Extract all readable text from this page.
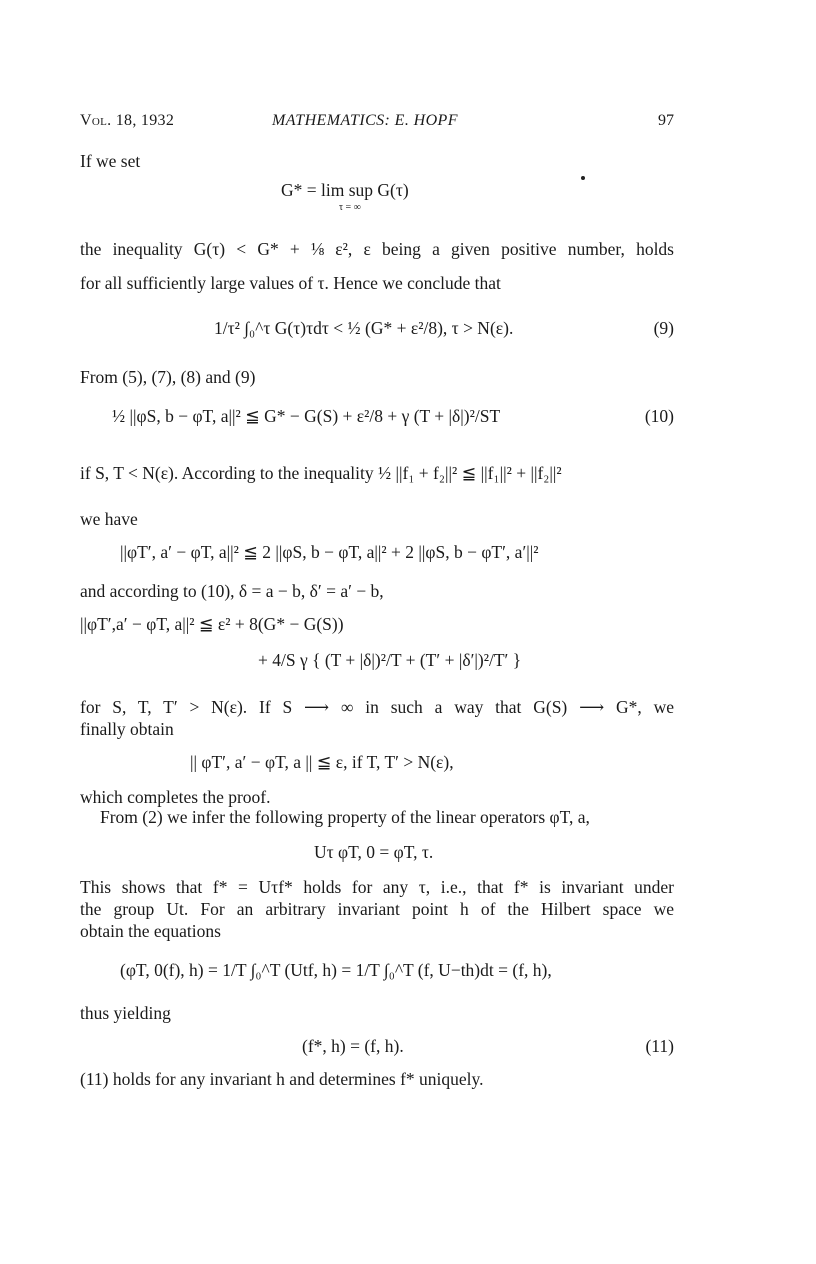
Vol. 18, 1932	MATHEMATICS: E. HOPF	97
If we set
G* = lim sup G(τ)
τ = ∞
the inequality G(τ) < G* + ⅛ ε², ε being a given positive number, holds
for all sufficiently large values of τ. Hence we conclude that
1/τ² ∫₀^τ G(τ)τdτ < ½ (G* + ε²/8), τ > N(ε).	(9)
From (5), (7), (8) and (9)
½ ||φS, b − φT, a||² ≦ G* − G(S) + ε²/8 + γ (T + |δ|)²/ST	(10)
if S, T < N(ε). According to the inequality ½ ||f₁ + f₂||² ≦ ||f₁||² + ||f₂||²
we have
||φT′, a′ − φT, a||² ≦ 2 ||φS, b − φT, a||² + 2 ||φS, b − φT′, a′||²
and according to (10), δ = a − b, δ′ = a′ − b,
||φT′,a′ − φT, a||² ≦ ε² + 8(G* − G(S))
+ 4/S γ { (T + |δ|)²/T + (T′ + |δ′|)²/T′ }
for S, T, T′ > N(ε). If S ⟶ ∞ in such a way that G(S) ⟶ G*, we
finally obtain
|| φT′, a′ − φT, a || ≦ ε, if T, T′ > N(ε),
which completes the proof.
From (2) we infer the following property of the linear operators φT, a,
Uτ φT, 0 = φT, τ.
This shows that f* = Uτf* holds for any τ, i.e., that f* is invariant under
the group Ut. For an arbitrary invariant point h of the Hilbert space we
obtain the equations
(φT, 0(f), h) = 1/T ∫₀^T (Utf, h) = 1/T ∫₀^T (f, U−th)dt = (f, h),
thus yielding
(f*, h) = (f, h).	(11)
(11) holds for any invariant h and determines f* uniquely.
